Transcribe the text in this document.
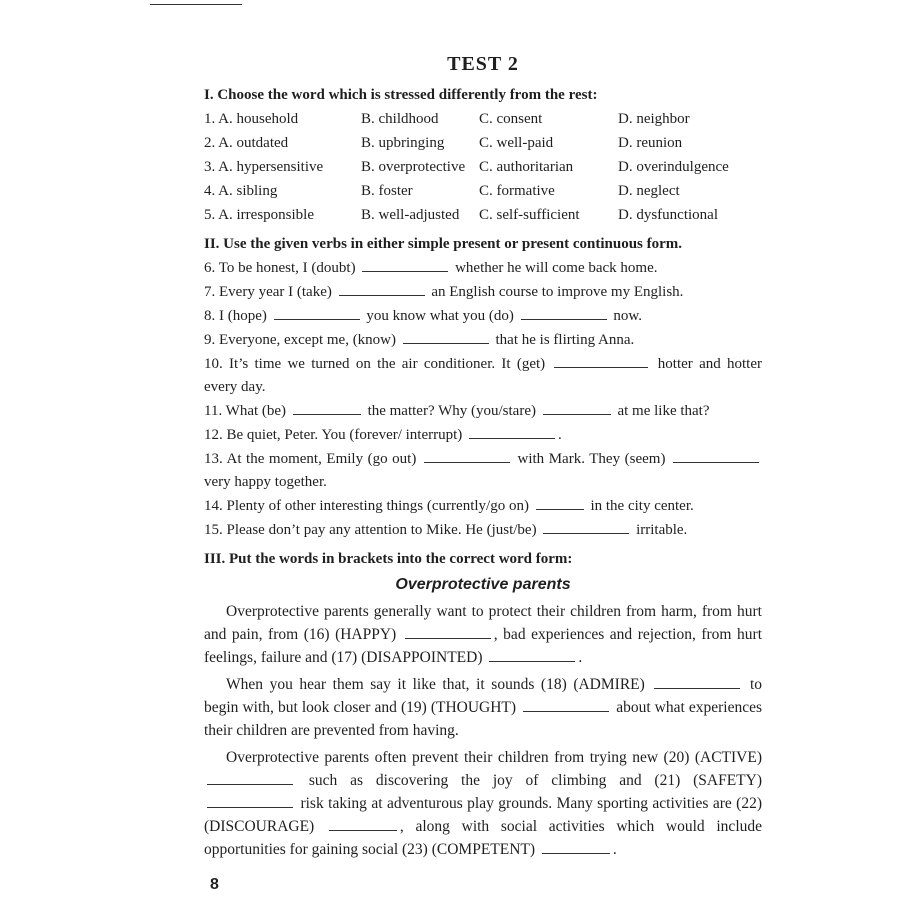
TEST 2
I. Choose the word which is stressed differently from the rest:
1. A. household	B. childhood	C. consent	D. neighbor
2. A. outdated	B. upbringing	C. well-paid	D. reunion
3. A. hypersensitive	B. overprotective C. authoritarian	D. overindulgence
4. A. sibling	B. foster	C. formative	D. neglect
5. A. irresponsible	B. well-adjusted	C. self-sufficient	D. dysfunctional
II. Use the given verbs in either simple present or present continuous form.
6. To be honest, I (doubt)	whether he will come back home.
7. Every year I (take)	an English course to improve my English.
8. I (hope)	you know what you (do)	now.
9. Everyone, except me, (know)	that he is flirting Anna.
10. It’s time we turned on the air conditioner. It (get)	hotter and hotter every day.
11. What (be)	the matter? Why (you/stare)	at me like that?
12. Be quiet, Peter. You (forever/ interrupt)	.
13. At the moment, Emily (go out)	with Mark. They (seem)  very happy together.
14. Plenty of other interesting things (currently/go on)	in the city center.
15. Please don’t pay any attention to Mike. He (just/be)	irritable.
III. Put the words in brackets into the correct word form:
Overprotective parents
Overprotective parents generally want to protect their children from harm, from hurt and pain, from (16) (HAPPY)	, bad experiences and rejection, from hurt feelings, failure and (17) (DISAPPOINTED)	.
When you hear them say it like that, it sounds (18) (ADMIRE)	to begin with, but look closer and (19) (THOUGHT)	about what experiences their children are prevented from having.
Overprotective parents often prevent their children from trying new (20) (ACTIVE)  such as discovering the joy of climbing and (21) (SAFETY)  risk taking at adventurous play grounds. Many sporting activities are (22) (DISCOURAGE)	, along with social activities which would include opportunities for gaining social (23) (COMPETENT)	.
8
